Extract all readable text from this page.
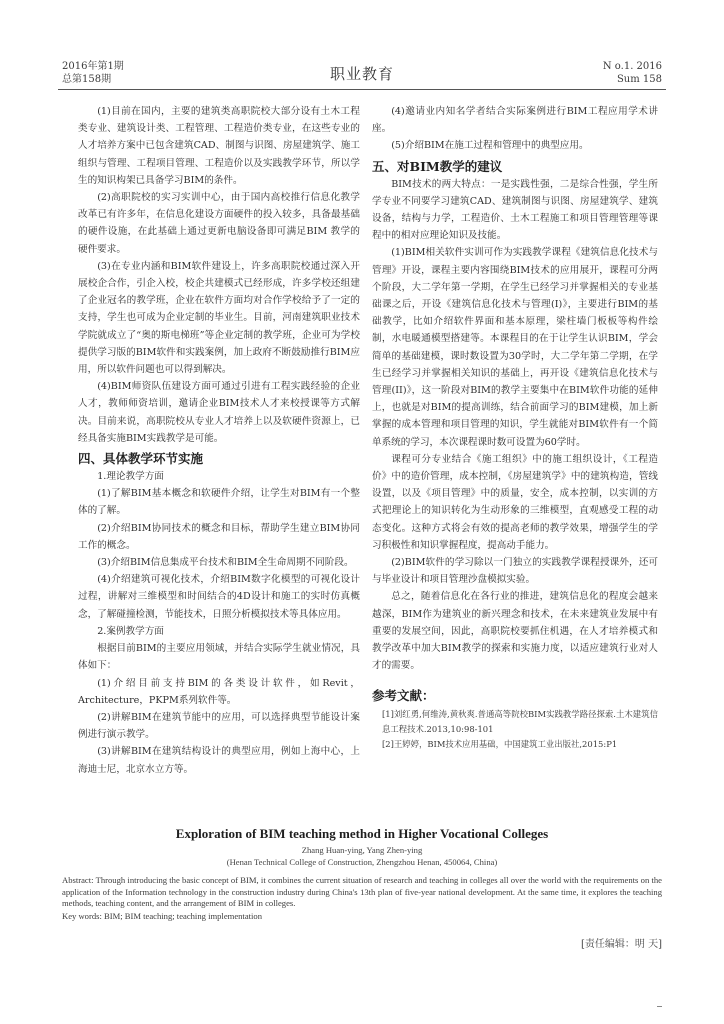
2016年第1期
总第158期	职业教育	N o.1. 2016
Sum 158

(1)目前在国内，主要的建筑类高职院校大部分设有土木工程类专业、建筑设计类、工程管理、工程造价类专业，在这些专业的人才培养方案中已包含建筑CAD、制图与识图、房屋建筑学、施工组织与管理、工程项目管理、工程造价以及实践教学环节，所以学生的知识构架已具备学习BIM的条件。

(2)高职院校的实习实训中心，由于国内高校推行信息化教学改革已有许多年，在信息化建设方面硬件的投入较多，具备最基础的硬件设施，在此基础上通过更新电脑设备即可满足BIM 教学的硬件要求。

(3)在专业内涵和BIM软件建设上，许多高职院校通过深入开展校企合作，引企入校，校企共建模式已经形成，许多学校还组建了企业冠名的教学班，企业在软件方面均对合作学校给予了一定的支持，学生也可成为企业定制的毕业生。目前，河南建筑职业技术学院就成立了“奥的斯电梯班”等企业定制的教学班，企业可为学校提供学习版的BIM软件和实践案例，加上政府不断鼓励推行BIM应用，所以软件问题也可以得到解决。

(4)BIM师资队伍建设方面可通过引进有工程实践经验的企业人才，教师师资培训，邀请企业BIM技术人才来校授课等方式解决。目前来说，高职院校从专业人才培养上以及软硬件资源上，已经具备实施BIM实践教学是可能。

四、具体教学环节实施
1.理论教学方面

(1)了解BIM基本概念和软硬件介绍，让学生对BIM有一个整体的了解。

(2)介绍BIM协同技术的概念和目标，帮助学生建立BIM协同工作的概念。

(3)介绍BIM信息集成平台技术和BIM全生命周期不同阶段。

(4)介绍建筑可视化技术，介绍BIM数字化模型的可视化设计过程，讲解对三维模型和时间结合的4D设计和施工的实时仿真概念，了解碰撞检测，节能技术，日照分析模拟技术等具体应用。

2.案例教学方面

根据目前BIM的主要应用领域，并结合实际学生就业情况，具体如下：

(1)介绍目前支持BIM的各类设计软件，如Revit，Architecture，PKPM系列软件等。

(2)讲解BIM在建筑节能中的应用，可以选择典型节能设计案例进行演示教学。

(3)讲解BIM在建筑结构设计的典型应用，例如上海中心，上海迪士尼，北京水立方等。

(4)邀请业内知名学者结合实际案例进行BIM工程应用学术讲座。

(5)介绍BIM在施工过程和管理中的典型应用。

五、对BIM教学的建议

BIM技术的两大特点：一是实践性强，二是综合性强，学生所学专业不同要学习建筑CAD、建筑制图与识图、房屋建筑学、建筑设备，结构与力学，工程造价、土木工程施工和项目管理管理等课程中的相对应理论知识及技能。

(1)BIM相关软件实训可作为实践教学课程《建筑信息化技术与管理》开设，课程主要内容围绕BIM技术的应用展开，课程可分两个阶段，大二学年第一学期，在学生已经学习并掌握相关的专业基础课之后，开设《建筑信息化技术与管理(I)》，主要进行BIM的基础教学，比如介绍软件界面和基本原理，梁柱墙门板板等构件绘制，水电暖通模型搭建等。本课程目的在于让学生认识BIM，学会简单的基础建模，课时数设置为30学时，大二学年第二学期，在学生已经学习并掌握相关知识的基础上，再开设《建筑信息化技术与管理(II)》，这一阶段对BIM的教学主要集中在BIM软件功能的延伸上，也就是对BIM的提高训练，结合前面学习的BIM建模，加上新掌握的成本管理和项目管理的知识，学生就能对BIM软件有一个简单系统的学习，本次课程课时数可设置为60学时。

课程可分专业结合《施工组织》中的施工组织设计，《工程造价》中的造价管理，成本控制，《房屋建筑学》中的建筑构造，管线设置，以及《项目管理》中的质量，安全，成本控制，以实训的方式把理论上的知识转化为生动形象的三维模型，直观感受工程的动态变化。这种方式将会有效的提高老师的教学效果，增强学生的学习积极性和知识掌握程度，提高动手能力。

(2)BIM软件的学习除以一门独立的实践教学课程授课外，还可与毕业设计和项目管理沙盘模拟实验。

总之，随着信息化在各行业的推进，建筑信息化的程度会越来越深，BIM作为建筑业的新兴理念和技术，在未来建筑业发展中有重要的发展空间，因此，高职院校要抓住机遇，在人才培养模式和教学改革中加大BIM教学的探索和实施力度，以适应建筑行业对人才的需要。

参考文献：

[1]刘红勇,何维涛,黄秋爽.普通高等院校BIM实践教学路径探索.土木建筑信息工程技术.2013,10:98-101

[2]王婷婷，BIM技术应用基础，中国建筑工业出版社,2015:P1

Exploration of BIM teaching method in Higher Vocational Colleges
Zhang Huan-ying, Yang Zhen-ying
(Henan Technical College of Construction, Zhengzhou Henan, 450064, China)
Abstract: Through introducing the basic concept of BIM, it combines the current situation of research and teaching in colleges all over the world with the requirements on the application of the Information technology in the construction industry during China's 13th plan of five-year national development. At the same time, it explores the teaching methods, teaching content, and the arrangement of BIM in colleges.
Key words: BIM; BIM teaching; teaching implementation
[责任编辑：明 天]
